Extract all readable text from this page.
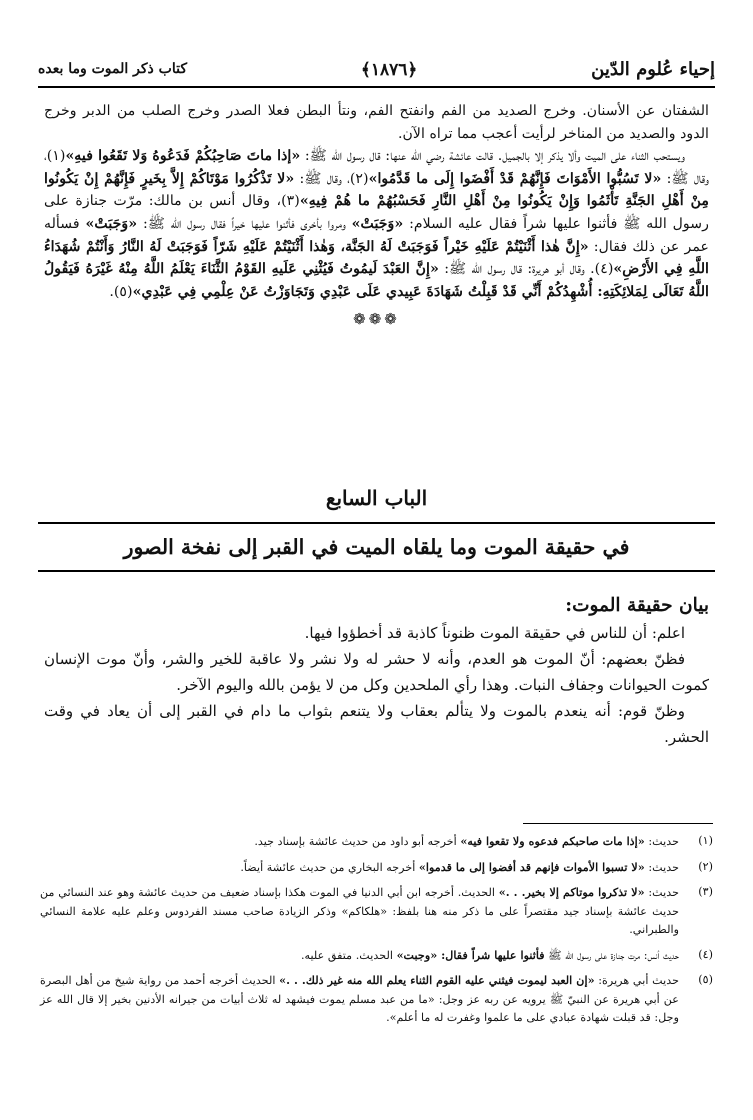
إحياء عُلوم الدّين
﴿١٨٧٦﴾
كتاب ذكر الموت وما بعده

الشفتان عن الأسنان. وخرج الصديد من الفم وانفتح الفم، ونتأ البطن فعلا الصدر وخرج الصلب من الدبر وخرج الدود والصديد من المناخر لرأيت أعجب مما تراه الآن.

ويستحب الثناء على الميت وألا يذكر إلا بالجميل. قالت عائشة رضي الله عنها: قال رسول الله ﷺ: «إذا ماتَ صَاحِبُكُمْ فَدَعُوهُ وَلا تَقَعُوا فيهِ»(١)، وقال ﷺ: «لا تَسُبُّوا الأَمْوَاتَ فَإِنَّهُمْ قَدْ أَفْضَوا إِلَى ما قَدَّمُوا»(٢)، وقال ﷺ: «لا تَذْكُرُوا مَوْتَاكُمْ إِلاَّ بِخَيرٍ فَإِنَّهُمْ إِنْ يَكُونُوا مِنْ أَهْلِ الجَنَّةِ تَأْثَمُوا وَإِنْ يَكُونُوا مِنْ أَهْلِ النَّارِ فَحَسْبُهُمْ ما هُمْ فِيهِ»(٣)، وقال أنس بن مالك: مرّت جنازة على رسول الله ﷺ فأثنوا عليها شراً فقال عليه السلام: «وَجَبَتْ» ومروا بأخرى فأثنوا عليها خيراً فقال رسول الله ﷺ: «وَجَبَتْ» فسأله عمر عن ذلك فقال: «إِنَّ هٰذا أَثْنَيْتُمْ عَلَيْهِ خَيْراً فَوَجَبَتْ لَهُ الجَنَّة، وَهٰذا أَثْنَيْتُمْ عَلَيْهِ شَرّاً فَوَجَبَتْ لَهُ النَّارُ وَأَنْتُمْ شُهَدَاءُ اللَّهِ فِي الأَرْضِ»(٤). وقال أبو هريرة: قال رسول الله ﷺ: «إِنَّ العَبْدَ لَيمُوتُ فَيُثْنِي عَلَيهِ القَوْمُ الثَّنَاءَ يَعْلَمُ اللَّهُ مِنْهُ غَيْرَهُ فَيَقُولُ اللَّهُ تَعَالَى لِمَلائِكَتِهِ: أُشْهِدُكُمْ أَنِّي قَدْ قَبِلْتُ شَهَادَةَ عَبِيدي عَلَى عَبْدِي وَتَجَاوَزْتُ عَنْ عِلْمِي فِي عَبْدِي»(٥).

❁❁❁
الباب السابع
في حقيقة الموت وما يلقاه الميت في القبر إلى نفخة الصور

بيان حقيقة الموت:

اعلم: أن للناس في حقيقة الموت ظنوناً كاذبة قد أخطؤوا فيها.

فظنّ بعضهم: أنّ الموت هو العدم، وأنه لا حشر له ولا نشر ولا عاقبة للخير والشر، وأنّ موت الإنسان كموت الحيوانات وجفاف النبات. وهذا رأي الملحدين وكل من لا يؤمن بالله واليوم الآخر.

وظنّ قوم: أنه ينعدم بالموت ولا يتألم بعقاب ولا يتنعم بثواب ما دام في القبر إلى أن يعاد في وقت الحشر.

(١)
حديث: «إذا مات صاحبكم فدعوه ولا تقعوا فيه» أخرجه أبو داود من حديث عائشة بإسناد جيد.
(٢)
حديث: «لا تسبوا الأموات فإنهم قد أفضوا إلى ما قدموا» أخرجه البخاري من حديث عائشة أيضاً.
(٣)
حديث: «لا تذكروا موتاكم إلا بخير. . .» الحديث. أخرجه ابن أبي الدنيا في الموت هكذا بإسناد ضعيف من حديث عائشة وهو عند النسائي من حديث عائشة بإسناد جيد مقتصراً على ما ذكر منه هنا بلفظ: «هلكاكم» وذكر الزيادة صاحب مسند الفردوس وعلم عليه علامة النسائي والطبراني.
(٤)
حديث أنس: مرت جنازة على رسول الله ﷺ فأثنوا عليها شراً فقال: «وجبت» الحديث. متفق عليه.
(٥)
حديث أبي هريرة: «إن العبد ليموت فيثني عليه القوم الثناء يعلم الله منه غير ذلك. . .» الحديث أخرجه أحمد من رواية شيخ من أهل البصرة عن أبي هريرة عن النبيّ ﷺ يرويه عن ربه عز وجل: «ما من عبد مسلم يموت فيشهد له ثلاث أبيات من جيرانه الأدنين بخير إلا قال الله عز وجل: قد قبلت شهادة عبادي على ما علموا وغفرت له ما أعلم».
